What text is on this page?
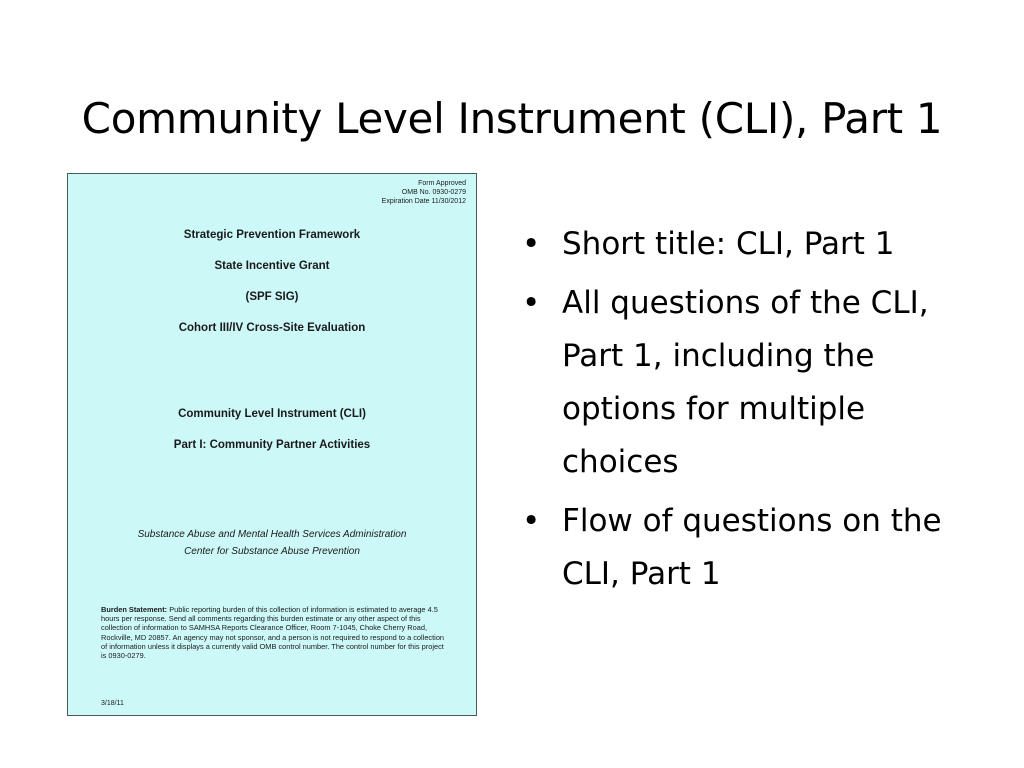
Community Level Instrument (CLI), Part 1
Form Approved
OMB No. 0930-0279
Expiration Date 11/30/2012
Strategic Prevention Framework
State Incentive Grant
(SPF SIG)
Cohort III/IV Cross-Site Evaluation
Community Level Instrument (CLI)
Part I: Community Partner Activities
Substance Abuse and Mental Health Services Administration
Center for Substance Abuse Prevention
Burden Statement: Public reporting burden of this collection of information is estimated to average 4.5 hours per response. Send all comments regarding this burden estimate or any other aspect of this collection of information to SAMHSA Reports Clearance Officer, Room 7-1045, Choke Cherry Road, Rockville, MD 20857. An agency may not sponsor, and a person is not required to respond to a collection of information unless it displays a currently valid OMB control number. The control number for this project is 0930-0279.
3/18/11
• Short title: CLI, Part 1
• All questions of the CLI, Part 1, including the options for multiple choices
• Flow of questions on the CLI, Part 1
